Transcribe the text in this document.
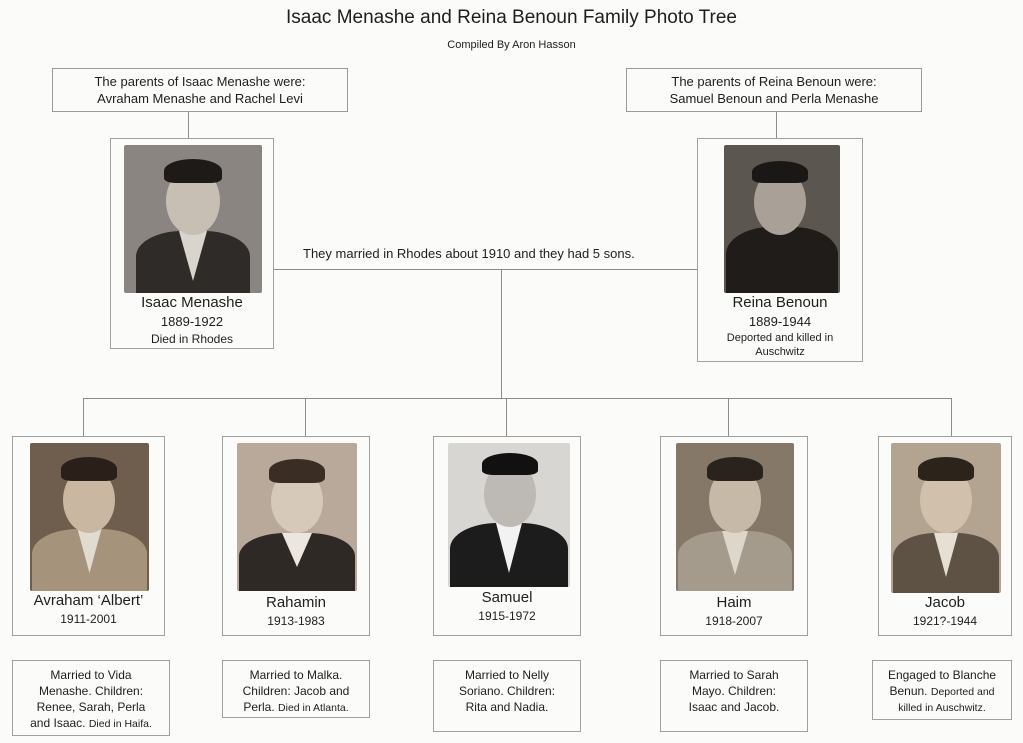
Isaac Menashe and Reina Benoun Family Photo Tree
Compiled By Aron Hasson
The parents of Isaac Menashe were:
Avraham Menashe and Rachel Levi
The parents of Reina Benoun were:
Samuel Benoun and Perla Menashe
They married in Rhodes about 1910 and they had 5 sons.
Isaac Menashe
1889-1922
Died in Rhodes
Reina Benoun
1889-1944
Deported and killed in
Auschwitz
Avraham ‘Albert’
1911-2001
Rahamin
1913-1983
Samuel
1915-1972
Haim
1918-2007
Jacob
1921?-1944
Married to Vida
Menashe. Children:
Renee, Sarah, Perla
and Isaac. Died in Haifa.
Married to Malka.
Children: Jacob and
Perla. Died in Atlanta.
Married to Nelly
Soriano. Children:
Rita and Nadia.
Married to Sarah
Mayo. Children:
Isaac and Jacob.
Engaged to Blanche
Benun. Deported and
killed in Auschwitz.
